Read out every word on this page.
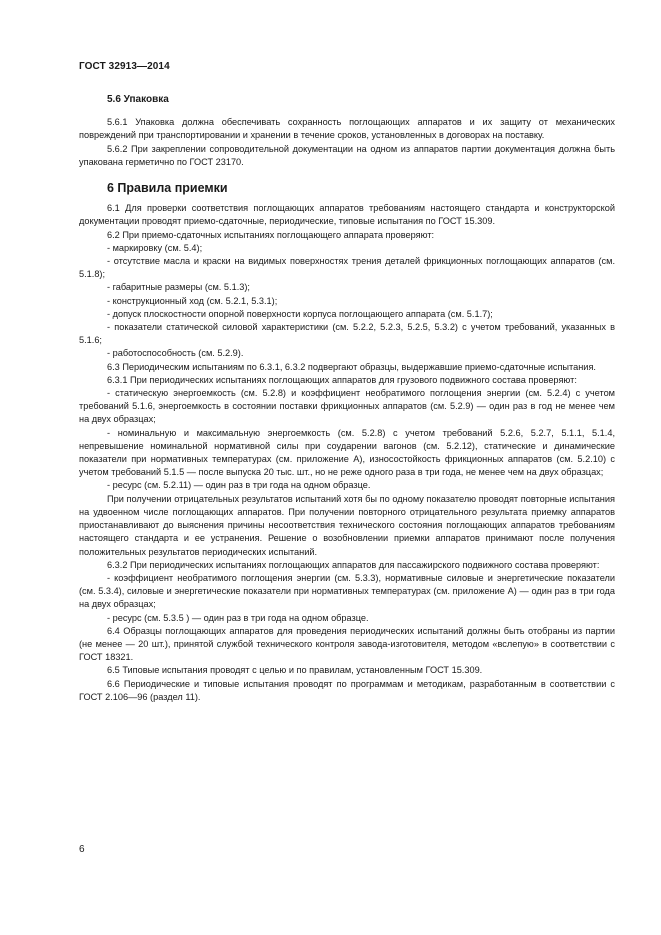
ГОСТ 32913—2014
5.6 Упаковка

5.6.1 Упаковка должна обеспечивать сохранность поглощающих аппаратов и их защиту от механических повреждений при транспортировании и хранении в течение сроков, установленных в договорах на поставку.

5.6.2 При закреплении сопроводительной документации на одном из аппаратов партии документация должна быть упакована герметично по ГОСТ 23170.

6 Правила приемки

6.1 Для проверки соответствия поглощающих аппаратов требованиям настоящего стандарта и конструкторской документации проводят приемо-сдаточные, периодические, типовые испытания по ГОСТ 15.309.

6.2 При приемо-сдаточных испытаниях поглощающего аппарата проверяют:

- маркировку (см. 5.4);

- отсутствие масла и краски на видимых поверхностях трения деталей фрикционных поглощающих аппаратов (см. 5.1.8);

- габаритные размеры (см. 5.1.3);

- конструкционный ход (см. 5.2.1, 5.3.1);

- допуск плоскостности опорной поверхности корпуса поглощающего аппарата (см. 5.1.7);

- показатели статической силовой характеристики (см. 5.2.2, 5.2.3, 5.2.5, 5.3.2) с учетом требований, указанных в 5.1.6;

- работоспособность (см. 5.2.9).

6.3 Периодическим испытаниям по 6.3.1, 6.3.2 подвергают образцы, выдержавшие приемо-сдаточные испытания.

6.3.1 При периодических испытаниях поглощающих аппаратов для грузового подвижного состава проверяют:

- статическую энергоемкость (см. 5.2.8) и коэффициент необратимого поглощения энергии (см. 5.2.4) с учетом требований 5.1.6, энергоемкость в состоянии поставки фрикционных аппаратов (см. 5.2.9) — один раз в год не менее чем на двух образцах;

- номинальную и максимальную энергоемкость (см. 5.2.8) с учетом требований 5.2.6, 5.2.7, 5.1.1, 5.1.4, непревышение номинальной нормативной силы при соударении вагонов (см. 5.2.12), статические и динамические показатели при нормативных температурах (см. приложение А), износостойкость фрикционных аппаратов (см. 5.2.10) с учетом требований 5.1.5 — после выпуска 20 тыс. шт., но не реже одного раза в три года, не менее чем на двух образцах;

- ресурс (см. 5.2.11) — один раз в три года на одном образце.

При получении отрицательных результатов испытаний хотя бы по одному показателю проводят повторные испытания на удвоенном числе поглощающих аппаратов. При получении повторного отрицательного результата приемку аппаратов приостанавливают до выяснения причины несоответствия технического состояния поглощающих аппаратов требованиям настоящего стандарта и ее устранения. Решение о возобновлении приемки аппаратов принимают после получения положительных результатов периодических испытаний.

6.3.2 При периодических испытаниях поглощающих аппаратов для пассажирского подвижного состава проверяют:

- коэффициент необратимого поглощения энергии (см. 5.3.3), нормативные силовые и энергетические показатели (см. 5.3.4), силовые и энергетические показатели при нормативных температурах (см. приложение А) — один раз в три года на двух образцах;

- ресурс (см. 5.3.5 ) — один раз в три года на одном образце.

6.4 Образцы поглощающих аппаратов для проведения периодических испытаний должны быть отобраны из партии (не менее — 20 шт.), принятой службой технического контроля завода-изготовителя, методом «вслепую» в соответствии с ГОСТ 18321.

6.5 Типовые испытания проводят с целью и по правилам, установленным ГОСТ 15.309.

6.6 Периодические и типовые испытания проводят по программам и методикам, разработанным в соответствии с ГОСТ 2.106—96 (раздел 11).

6
